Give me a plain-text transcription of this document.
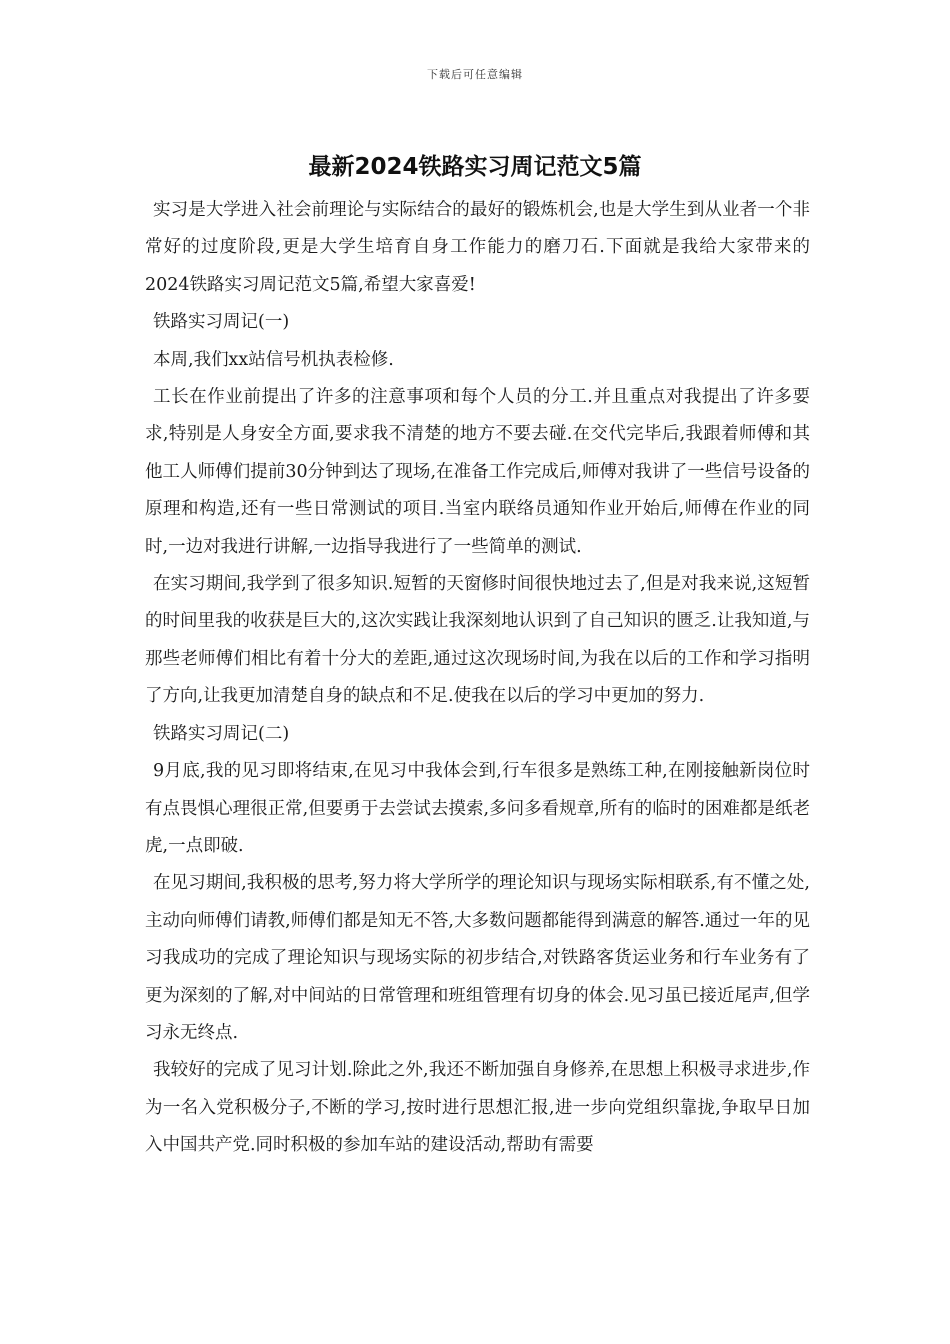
下载后可任意编辑
最新2024铁路实习周记范文5篇

实习是大学进入社会前理论与实际结合的最好的锻炼机会,也是大学生到从业者一个非常好的过度阶段,更是大学生培育自身工作能力的磨刀石.下面就是我给大家带来的2024铁路实习周记范文5篇,希望大家喜爱!

铁路实习周记(一)

本周,我们xx站信号机执表检修.

工长在作业前提出了许多的注意事项和每个人员的分工.并且重点对我提出了许多要求,特别是人身安全方面,要求我不清楚的地方不要去碰.在交代完毕后,我跟着师傅和其他工人师傅们提前30分钟到达了现场,在准备工作完成后,师傅对我讲了一些信号设备的原理和构造,还有一些日常测试的项目.当室内联络员通知作业开始后,师傅在作业的同时,一边对我进行讲解,一边指导我进行了一些简单的测试.

在实习期间,我学到了很多知识.短暂的天窗修时间很快地过去了,但是对我来说,这短暂的时间里我的收获是巨大的,这次实践让我深刻地认识到了自己知识的匮乏.让我知道,与那些老师傅们相比有着十分大的差距,通过这次现场时间,为我在以后的工作和学习指明了方向,让我更加清楚自身的缺点和不足.使我在以后的学习中更加的努力.

铁路实习周记(二)

9月底,我的见习即将结束,在见习中我体会到,行车很多是熟练工种,在刚接触新岗位时有点畏惧心理很正常,但要勇于去尝试去摸索,多问多看规章,所有的临时的困难都是纸老虎,一点即破.

在见习期间,我积极的思考,努力将大学所学的理论知识与现场实际相联系,有不懂之处,主动向师傅们请教,师傅们都是知无不答,大多数问题都能得到满意的解答.通过一年的见习我成功的完成了理论知识与现场实际的初步结合,对铁路客货运业务和行车业务有了更为深刻的了解,对中间站的日常管理和班组管理有切身的体会.见习虽已接近尾声,但学习永无终点.

我较好的完成了见习计划.除此之外,我还不断加强自身修养,在思想上积极寻求进步,作为一名入党积极分子,不断的学习,按时进行思想汇报,进一步向党组织靠拢,争取早日加入中国共产党.同时积极的参加车站的建设活动,帮助有需要
